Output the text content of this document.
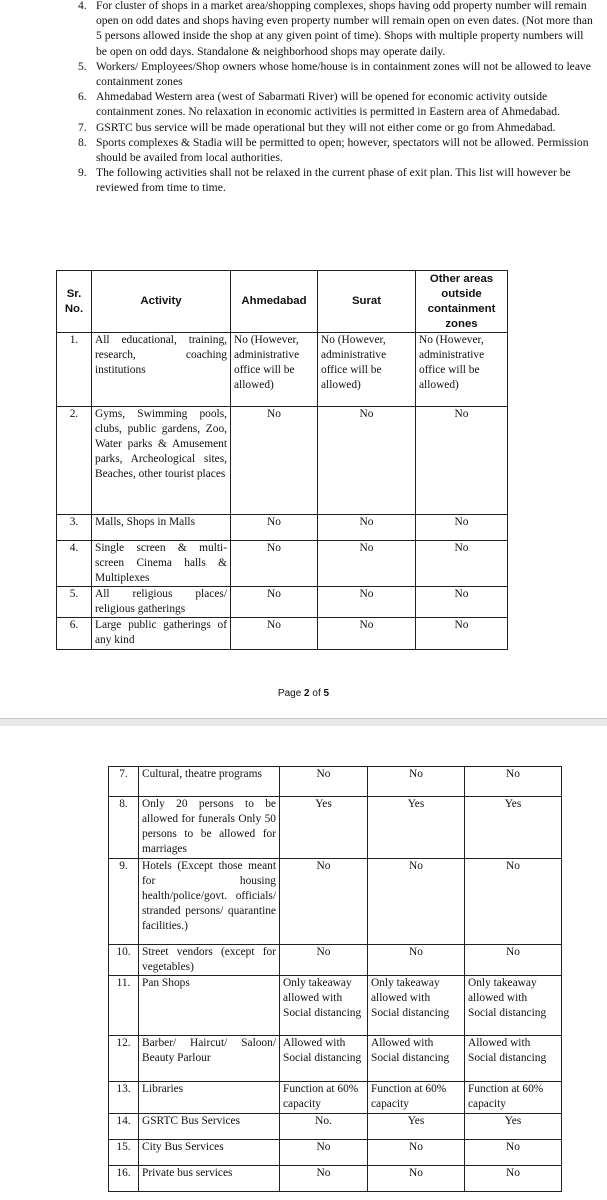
4. For cluster of shops in a market area/shopping complexes, shops having odd property number will remain open on odd dates and shops having even property number will remain open on even dates. (Not more than 5 persons allowed inside the shop at any given point of time). Shops with multiple property numbers will be open on odd days. Standalone & neighborhood shops may operate daily.
5. Workers/ Employees/Shop owners whose home/house is in containment zones will not be allowed to leave containment zones
6. Ahmedabad Western area (west of Sabarmati River) will be opened for economic activity outside containment zones. No relaxation in economic activities is permitted in Eastern area of Ahmedabad.
7. GSRTC bus service will be made operational but they will not either come or go from Ahmedabad.
8. Sports complexes & Stadia will be permitted to open; however, spectators will not be allowed. Permission should be availed from local authorities.
9. The following activities shall not be relaxed in the current phase of exit plan. This list will however be reviewed from time to time.
Sr. No.	Activity	Ahmedabad	Surat	Other areas outside containment zones
1.	All educational, training, research, coaching institutions	No (However, administrative office will be allowed)	No (However, administrative office will be allowed)	No (However, administrative office will be allowed)
2.	Gyms, Swimming pools, clubs, public gardens, Zoo, Water parks & Amusement parks, Archeological sites, Beaches, other tourist places	No	No	No
3.	Malls, Shops in Malls	No	No	No
4.	Single screen & multi-screen Cinema halls & Multiplexes	No	No	No
5.	All religious places/ religious gatherings	No	No	No
6.	Large public gatherings of any kind	No	No	No
Page 2 of 5
7.	Cultural, theatre programs	No	No	No
8.	Only 20 persons to be allowed for funerals Only 50 persons to be allowed for marriages	Yes	Yes	Yes
9.	Hotels (Except those meant for housing health/police/govt. officials/ stranded persons/ quarantine facilities.)	No	No	No
10.	Street vendors (except for vegetables)	No	No	No
11.	Pan Shops	Only takeaway allowed with Social distancing	Only takeaway allowed with Social distancing	Only takeaway allowed with Social distancing
12.	Barber/ Haircut/ Saloon/ Beauty Parlour	Allowed with Social distancing	Allowed with Social distancing	Allowed with Social distancing
13.	Libraries	Function at 60% capacity	Function at 60% capacity	Function at 60% capacity
14.	GSRTC Bus Services	No.	Yes	Yes
15.	City Bus Services	No	No	No
16.	Private bus services	No	No	No
